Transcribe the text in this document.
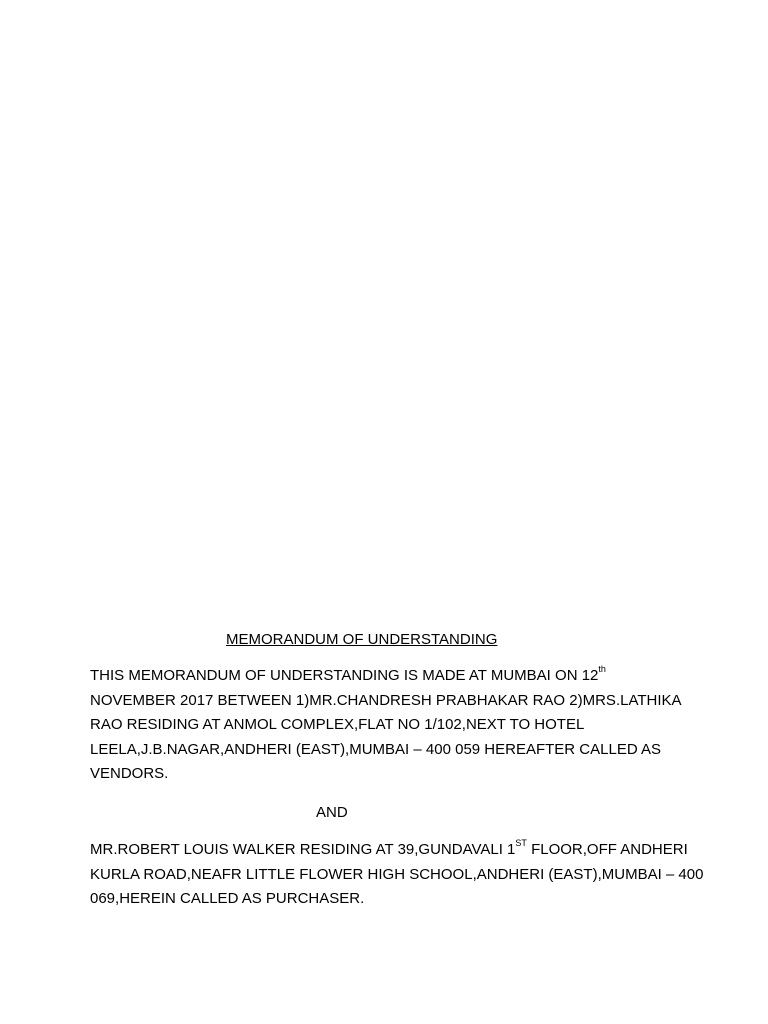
MEMORANDUM OF UNDERSTANDING

THIS MEMORANDUM OF UNDERSTANDING IS MADE AT MUMBAI ON 12th
NOVEMBER 2017 BETWEEN 1)MR.CHANDRESH PRABHAKAR RAO 2)MRS.LATHIKA
RAO RESIDING AT ANMOL COMPLEX,FLAT NO 1/102,NEXT TO HOTEL
LEELA,J.B.NAGAR,ANDHERI (EAST),MUMBAI – 400 059 HEREAFTER CALLED AS
VENDORS.

AND

MR.ROBERT LOUIS WALKER RESIDING AT 39,GUNDAVALI 1ST FLOOR,OFF ANDHERI
KURLA ROAD,NEAFR LITTLE FLOWER HIGH SCHOOL,ANDHERI (EAST),MUMBAI – 400
069,HEREIN CALLED AS PURCHASER.
